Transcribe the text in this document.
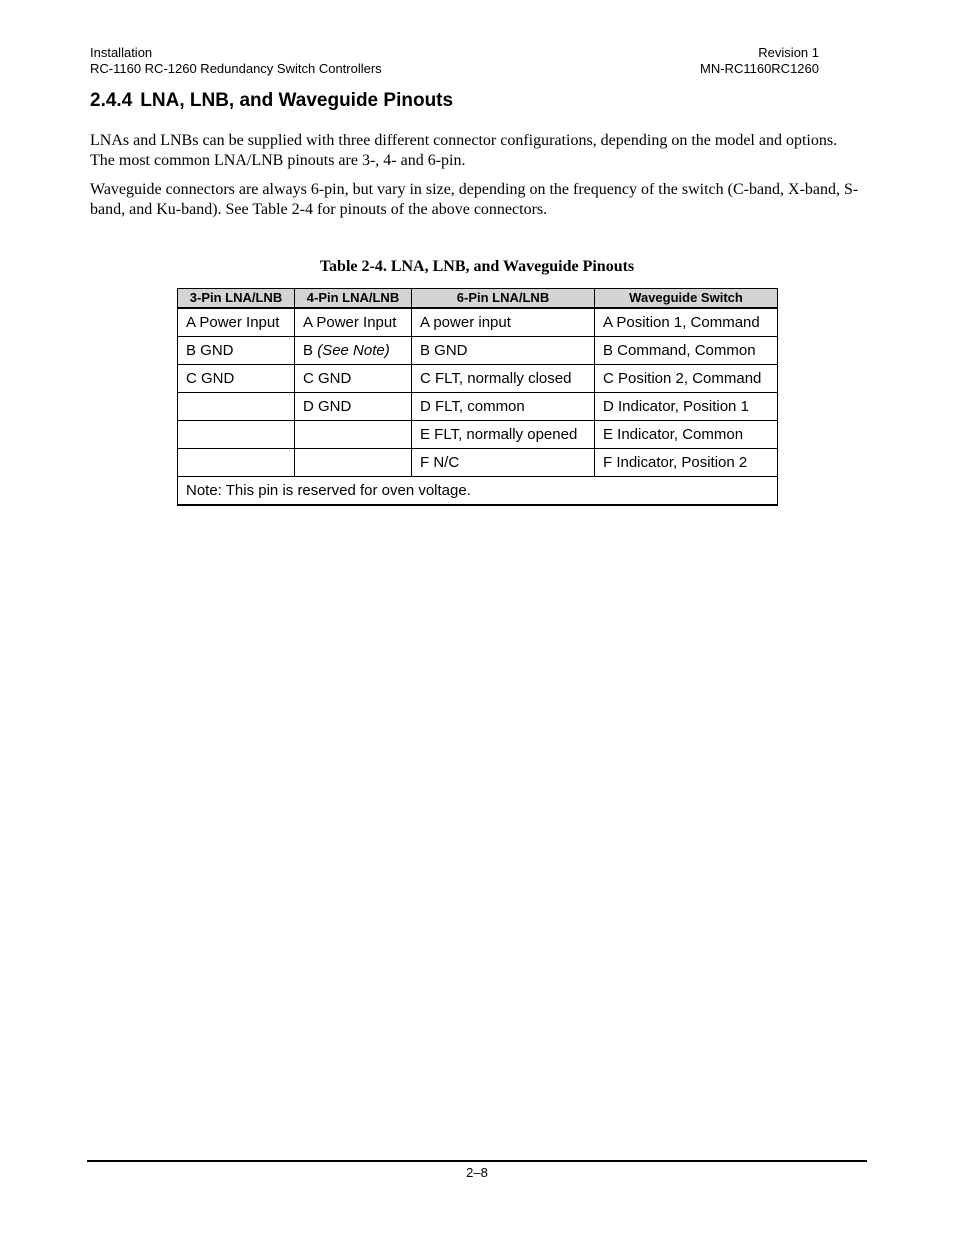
Installation
RC-1160 RC-1260 Redundancy Switch Controllers
Revision 1
MN-RC1160RC1260
2.4.4 LNA, LNB, and Waveguide Pinouts

LNAs and LNBs can be supplied with three different connector configurations, depending on the model and options. The most common LNA/LNB pinouts are 3-, 4- and 6-pin.

Waveguide connectors are always 6-pin, but vary in size, depending on the frequency of the switch (C-band, X-band, S-band, and Ku-band). See Table 2-4 for pinouts of the above connectors.

Table 2-4. LNA, LNB, and Waveguide Pinouts
3-Pin LNA/LNB	4-Pin LNA/LNB	6-Pin LNA/LNB	Waveguide Switch
A Power Input	A Power Input	A power input	A Position 1, Command
B GND	B (See Note)	B GND	B Command, Common
C GND	C GND	C FLT, normally closed	C Position 2, Command
	D GND	D FLT, common	D Indicator, Position 1
		E FLT, normally opened	E Indicator, Common
		F N/C	F Indicator, Position 2
Note: This pin is reserved for oven voltage.			
2–8
